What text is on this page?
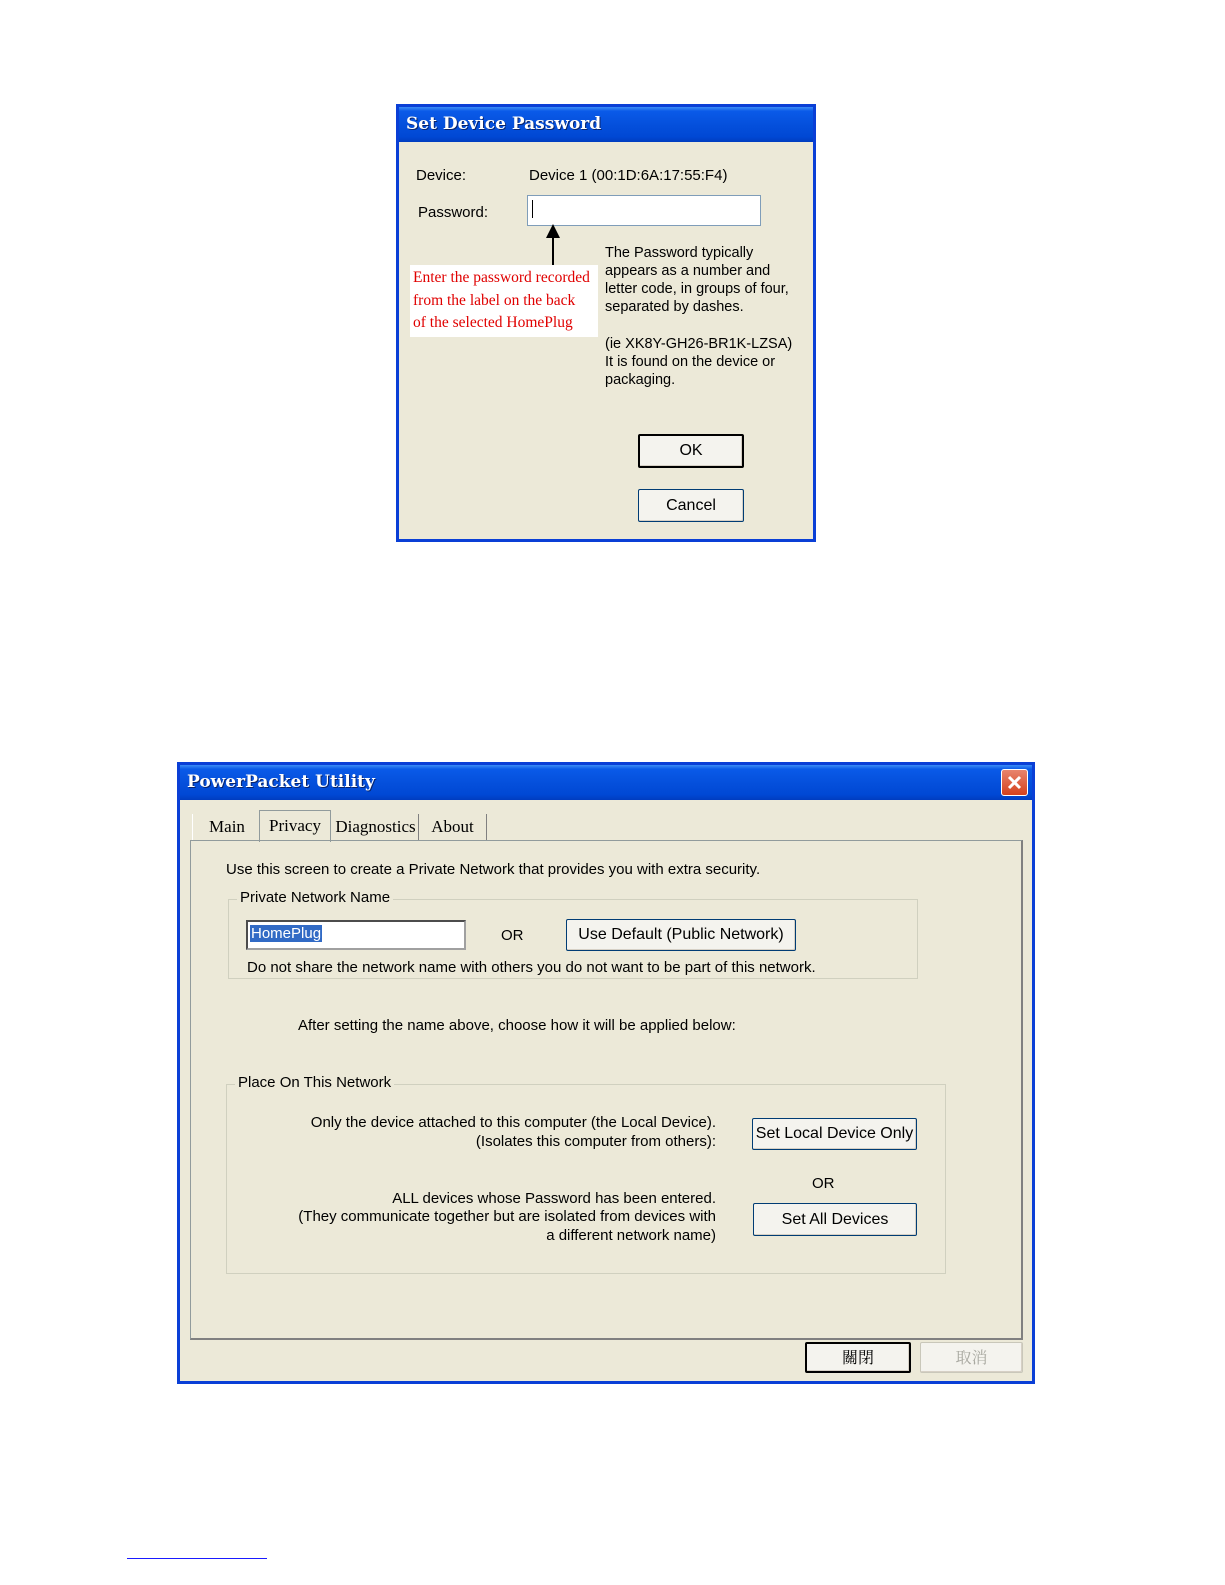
Set Device Password
Device:	Device 1 (00:1D:6A:17:55:F4)
Password:
Enter the password recorded
from the label on the back
of the selected HomePlug
The Password typically
appears as a number and
letter code, in groups of four,
separated by dashes.
(ie XK8Y-GH26-BR1K-LZSA)
It is found on the device or
packaging.
OK
Cancel
PowerPacket Utility
Main	Privacy Diagnostics About
Use this screen to create a Private Network that provides you with extra security.
Private Network Name
HomePlug	OR	Use Default (Public Network)
Do not share the network name with others you do not want to be part of this network.
After setting the name above, choose how it will be applied below:
Place On This Network
Only the device attached to this computer (the Local Device).
(Isolates this computer from others): Set Local Device Only
OR
ALL devices whose Password has been entered.
(They communicate together but are isolated from devices with
a different network name)
Set All Devices
關閉	取消
